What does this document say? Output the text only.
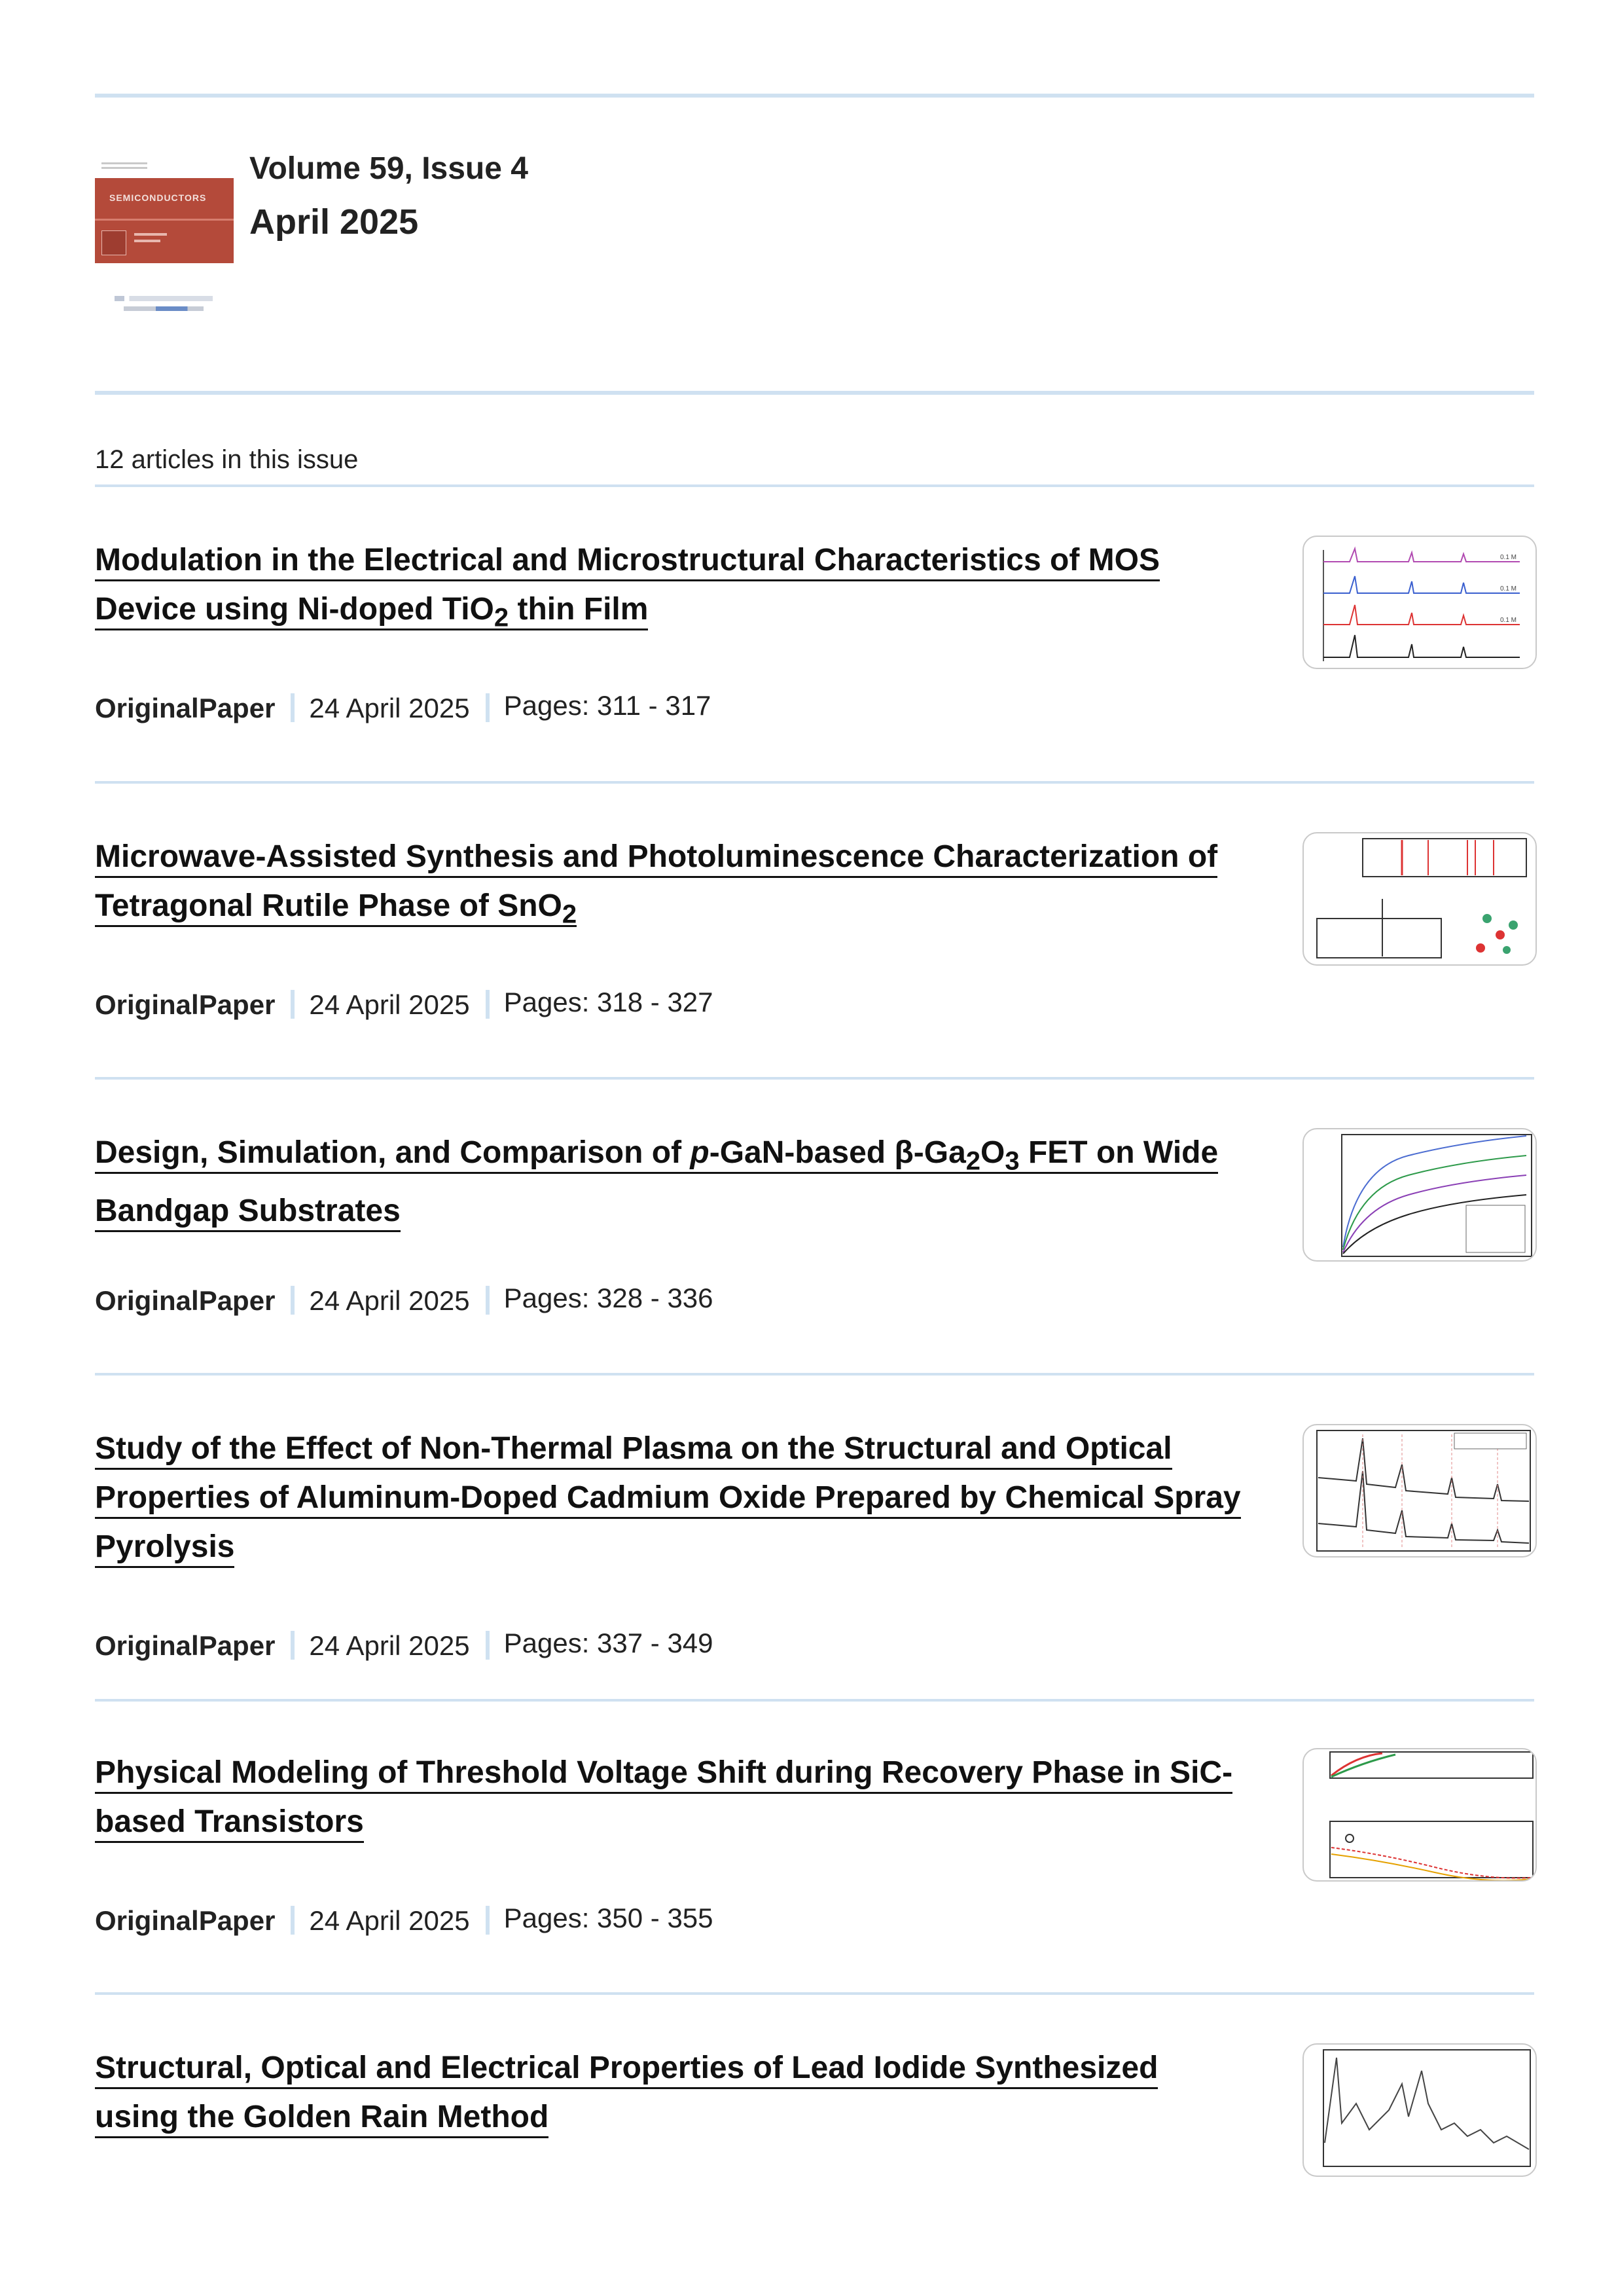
SEMICONDUCTORS
Volume 59, Issue 4
April 2025
12 articles in this issue
Modulation in the Electrical and Microstructural Characteristics of MOS Device using Ni-doped TiO$_2$ thin Film
OriginalPaper 24 April 2025 Pages: 311 - 317
0.1 M
0.1 M
0.1 M
Microwave-Assisted Synthesis and Photoluminescence Characterization of Tetragonal Rutile Phase of SnO$_2$
OriginalPaper 24 April 2025 Pages: 318 - 327
Design, Simulation, and Comparison of p-GaN-based $\beta-Ga_2O_3$ FET on Wide Bandgap Substrates
OriginalPaper 24 April 2025 Pages: 328 - 336
Study of the Effect of Non-Thermal Plasma on the Structural and Optical Properties of Aluminum-Doped Cadmium Oxide Prepared by Chemical Spray Pyrolysis
OriginalPaper 24 April 2025 Pages: 337 - 349
Physical Modeling of Threshold Voltage Shift during Recovery Phase in SiC-based Transistors
OriginalPaper 24 April 2025 Pages: 350 - 355
Structural, Optical and Electrical Properties of Lead Iodide Synthesized using the Golden Rain Method
